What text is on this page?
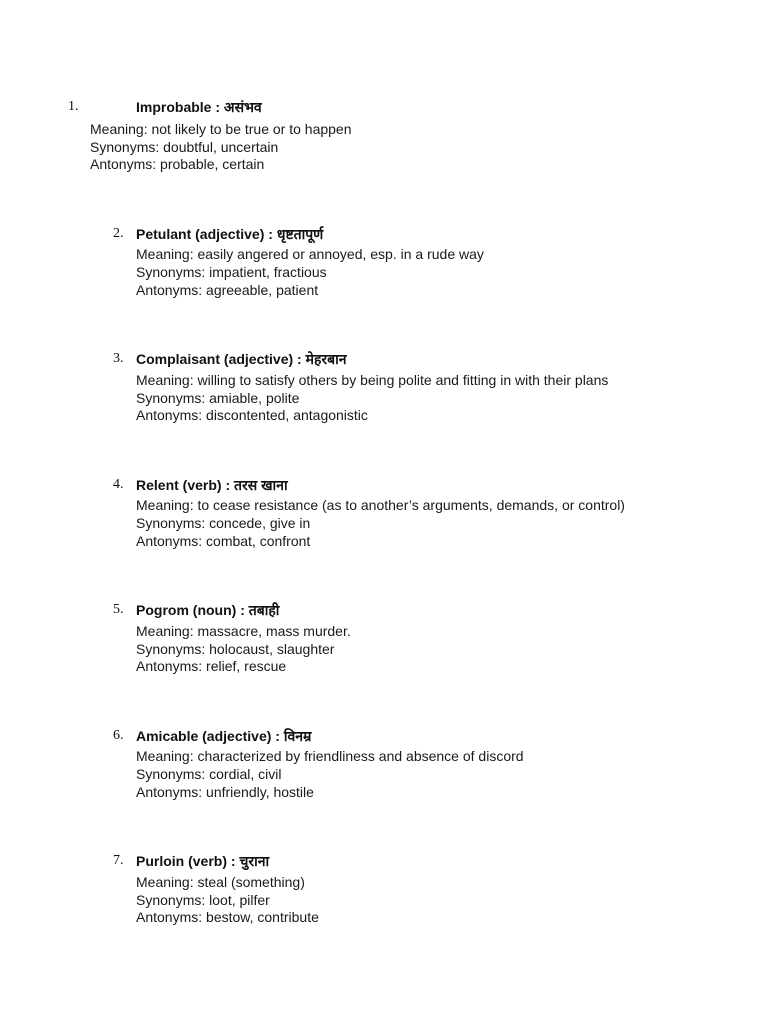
1.	Improbable : असंभव
Meaning: not likely to be true or to happen
Synonyms: doubtful, uncertain
Antonyms: probable, certain
2. Petulant (adjective) : धृष्टतापूर्ण
Meaning: easily angered or annoyed, esp. in a rude way
Synonyms: impatient, fractious
Antonyms: agreeable, patient
3. Complaisant (adjective) : मेहरबान
Meaning: willing to satisfy others by being polite and fitting in with their plans
Synonyms: amiable, polite
Antonyms: discontented, antagonistic
4. Relent (verb) : तरस खाना
Meaning: to cease resistance (as to another’s arguments, demands, or control)
Synonyms: concede, give in
Antonyms: combat, confront
5. Pogrom (noun) : तबाही
Meaning: massacre, mass murder.
Synonyms: holocaust, slaughter
Antonyms: relief, rescue
6. Amicable (adjective) : विनम्र
Meaning: characterized by friendliness and absence of discord
Synonyms: cordial, civil
Antonyms: unfriendly, hostile
7. Purloin (verb) : चुराना
Meaning: steal (something)
Synonyms: loot, pilfer
Antonyms: bestow, contribute
